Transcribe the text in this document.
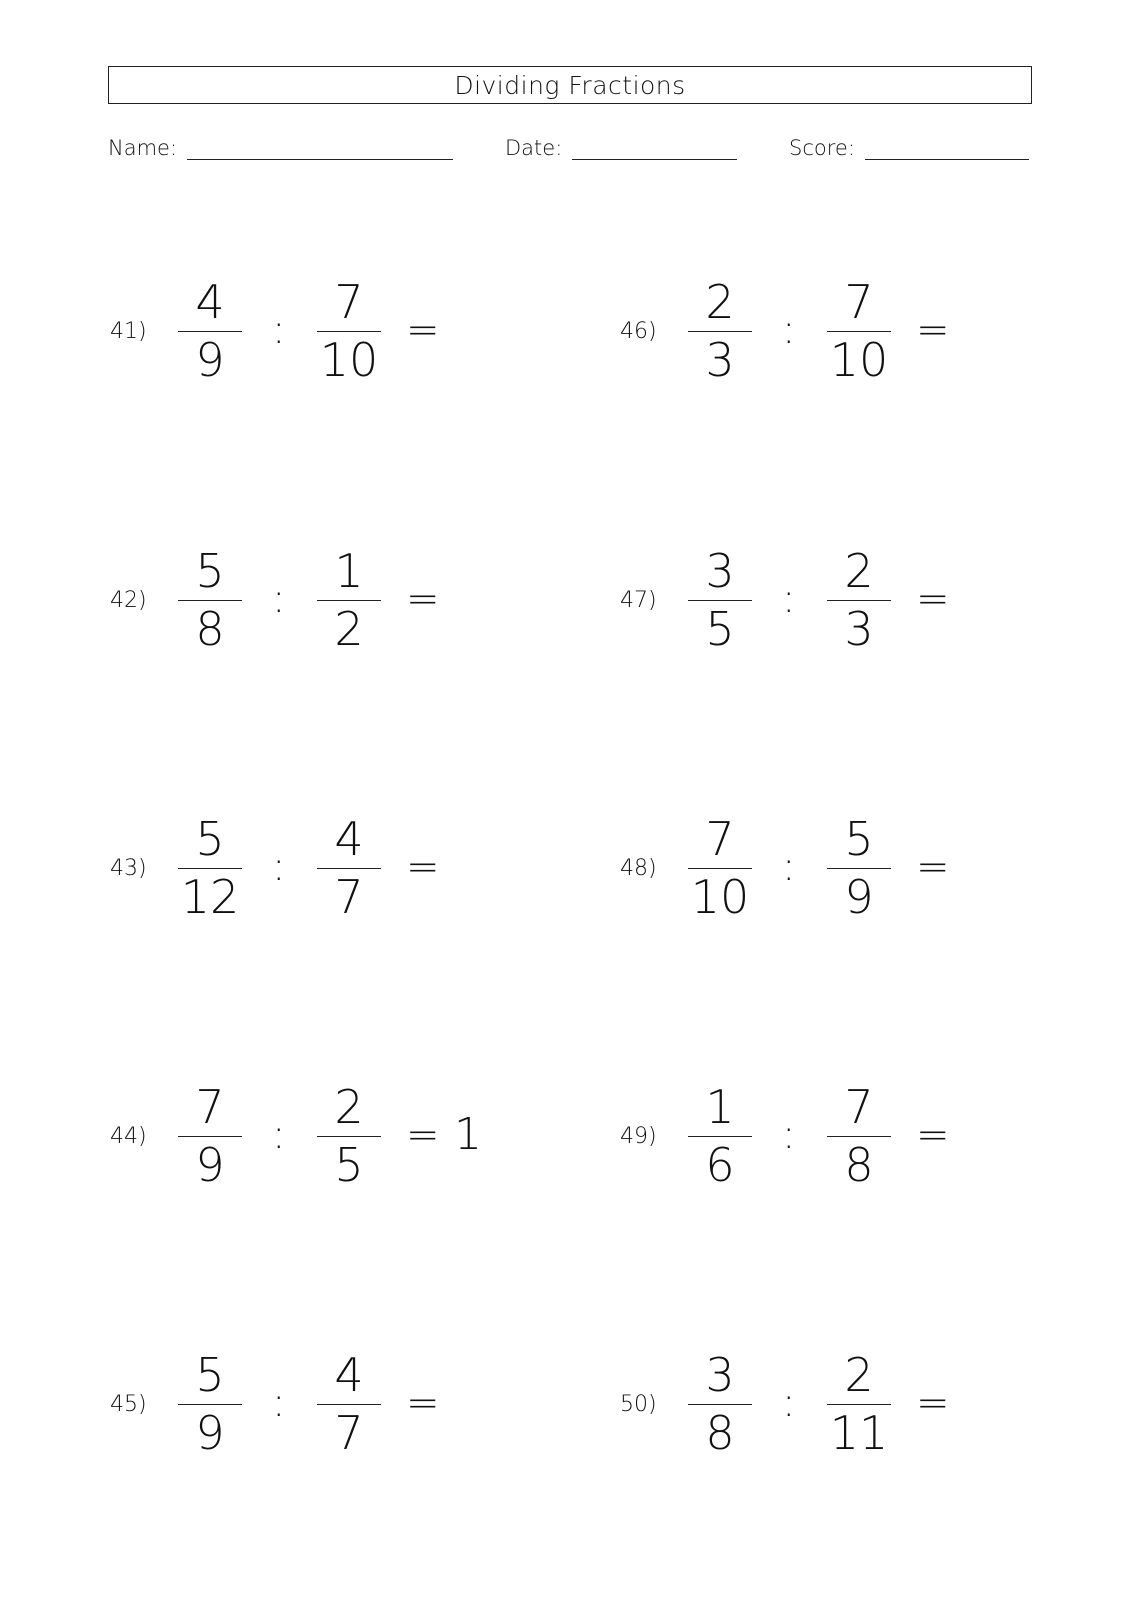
Dividing Fractions
Name:	Date:	Score:
41)
4
9
:
7
10
=
42)
5
8
:
1
2
=
43)
5
12
:
4
7
=
44)
7
9
:
2
5
= 1
45)
5
9
:
4
7
=
46)
2
3
:
7
10
=
47)
3
5
:
2
3
=
48)
7
10
:
5
9
=
49)
1
6
:
7
8
=
50)
3
8
:
2
11
=
